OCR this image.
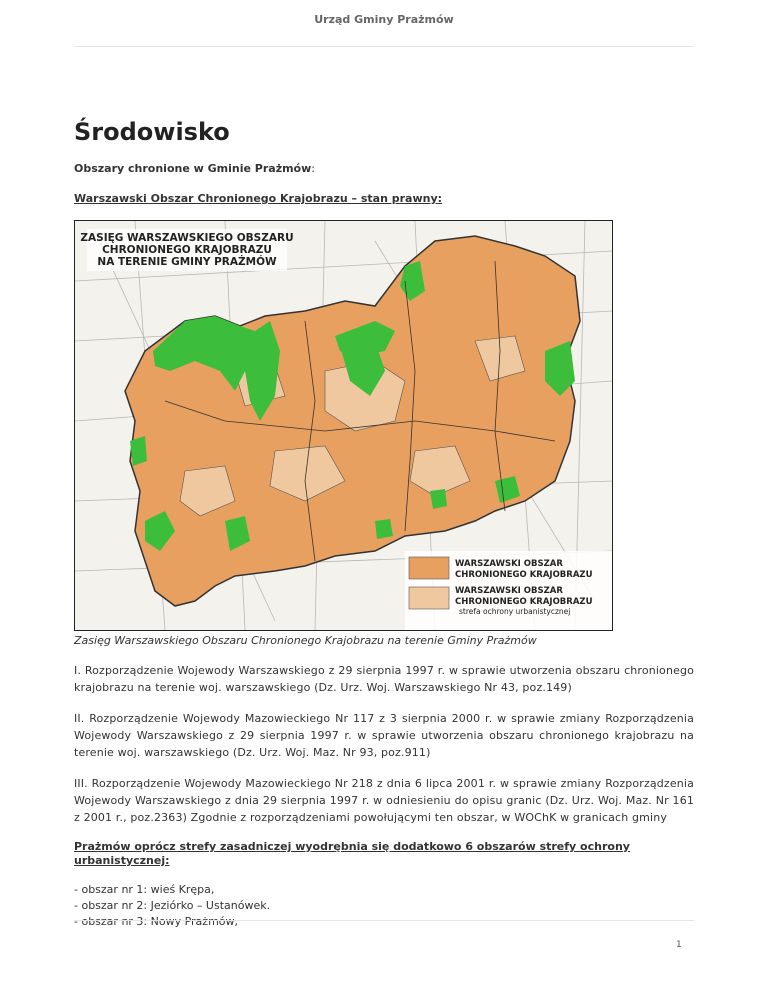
Urząd Gminy Prażmów
Środowisko

Obszary chronione w Gminie Prażmów:

Warszawski Obszar Chronionego Krajobrazu – stan prawny:

ZASIĘG WARSZAWSKIEGO OBSZARU
CHRONIONEGO KRAJOBRAZU
NA TERENIE GMINY PRAŻMÓW
WARSZAWSKI OBSZAR
CHRONIONEGO KRAJOBRAZU
WARSZAWSKI OBSZAR
CHRONIONEGO KRAJOBRAZU
strefa ochrony urbanistycznej
Zasięg Warszawskiego Obszaru Chronionego Krajobrazu na terenie Gminy Prażmów
I. Rozporządzenie Wojewody Warszawskiego z 29 sierpnia 1997 r. w sprawie utworzenia obszaru chronionego krajobrazu na terenie woj. warszawskiego (Dz. Urz. Woj. Warszawskiego Nr 43, poz.149)
II. Rozporządzenie Wojewody Mazowieckiego Nr 117 z 3 sierpnia 2000 r. w sprawie zmiany Rozporządzenia Wojewody Warszawskiego z 29 sierpnia 1997 r. w sprawie utworzenia obszaru chronionego krajobrazu na terenie woj. warszawskiego (Dz. Urz. Woj. Maz. Nr 93, poz.911)
III. Rozporządzenie Wojewody Mazowieckiego Nr 218 z dnia 6 lipca 2001 r. w sprawie zmiany Rozporządzenia Wojewody Warszawskiego z dnia 29 sierpnia 1997 r. w odniesieniu do opisu granic (Dz. Urz. Woj. Maz. Nr 161 z 2001 r., poz.2363) Zgodnie z rozporządzeniami powołującymi ten obszar, w WOChK w granicach gminy
Prażmów oprócz strefy zasadniczej wyodrębnia się dodatkowo 6 obszarów strefy ochrony urbanistycznej:
- obszar nr 1: wieś Krępa,
- obszar nr 2: Jeziórko – Ustanówek.
- obszar nr 3: Nowy Prażmów,
1
